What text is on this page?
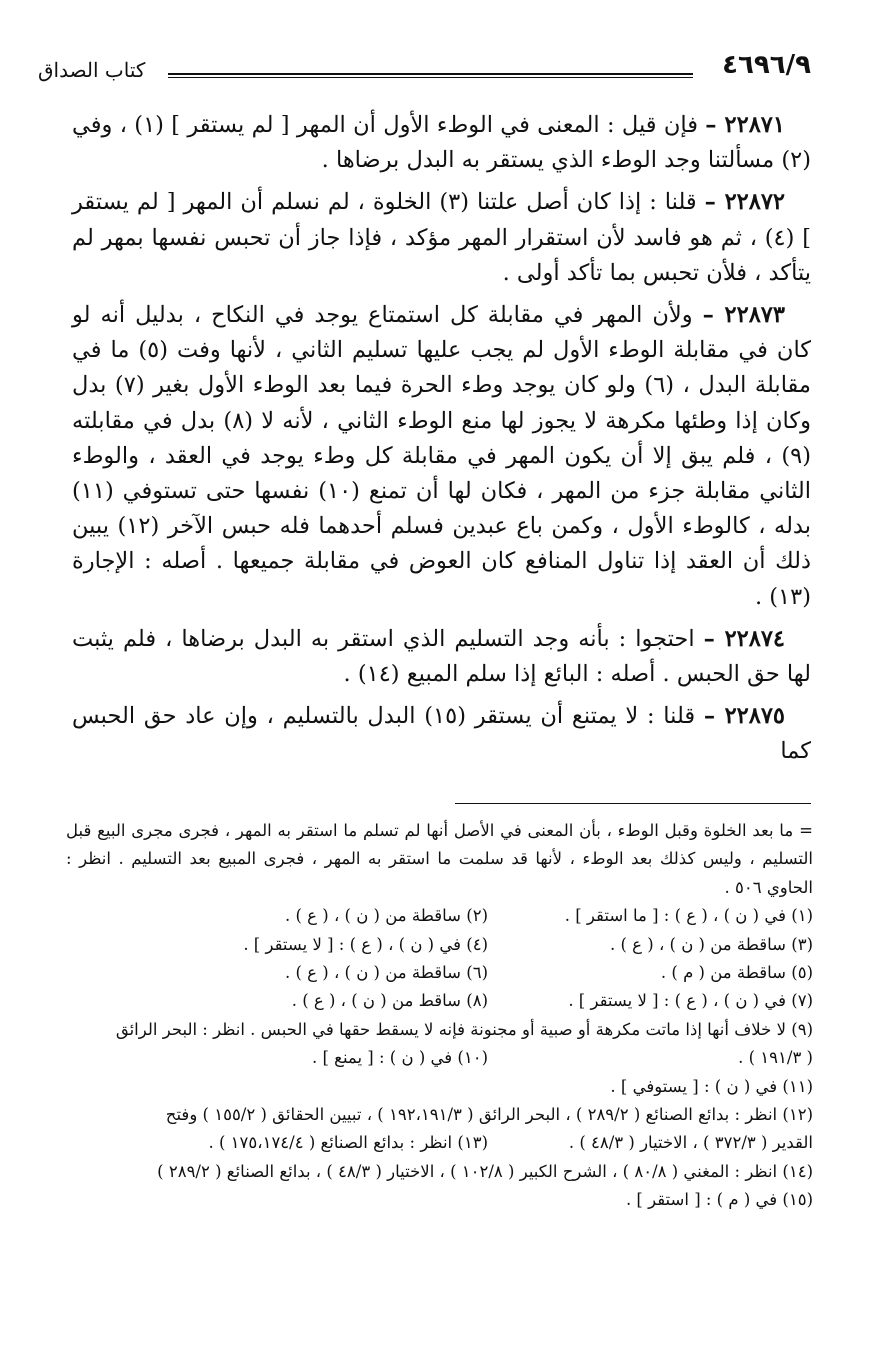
٤٦٩٦/٩
كتاب الصداق

٢٢٨٧١ – فإن قيل : المعنى في الوطء الأول أن المهر [ لم يستقر ] (١) ، وفي (٢) مسألتنا وجد الوطء الذي يستقر به البدل برضاها .

٢٢٨٧٢ – قلنا : إذا كان أصل علتنا (٣) الخلوة ، لم نسلم أن المهر [ لم يستقر ] (٤) ، ثم هو فاسد لأن استقرار المهر مؤكد ، فإذا جاز أن تحبس نفسها بمهر لم يتأكد ، فلأن تحبس بما تأكد أولى .

٢٢٨٧٣ – ولأن المهر في مقابلة كل استمتاع يوجد في النكاح ، بدليل أنه لو كان في مقابلة الوطء الأول لم يجب عليها تسليم الثاني ، لأنها وفت (٥) ما في مقابلة البدل ، (٦) ولو كان يوجد وطء الحرة فيما بعد الوطء الأول بغير (٧) بدل وكان إذا وطئها مكرهة لا يجوز لها منع الوطء الثاني ، لأنه لا (٨) بدل في مقابلته (٩) ، فلم يبق إلا أن يكون المهر في مقابلة كل وطء يوجد في العقد ، والوطء الثاني مقابلة جزء من المهر ، فكان لها أن تمنع (١٠) نفسها حتى تستوفي (١١) بدله ، كالوطء الأول ، وكمن باع عبدين فسلم أحدهما فله حبس الآخر (١٢) يبين ذلك أن العقد إذا تناول المنافع كان العوض في مقابلة جميعها . أصله : الإجارة (١٣) .

٢٢٨٧٤ – احتجوا : بأنه وجد التسليم الذي استقر به البدل برضاها ، فلم يثبت لها حق الحبس . أصله : البائع إذا سلم المبيع (١٤) .

٢٢٨٧٥ – قلنا : لا يمتنع أن يستقر (١٥) البدل بالتسليم ، وإن عاد حق الحبس كما

=ما بعد الخلوة وقبل الوطء ، بأن المعنى في الأصل أنها لم تسلم ما استقر به المهر ، فجرى مجرى البيع قبل التسليم ، وليس كذلك بعد الوطء ، لأنها قد سلمت ما استقر به المهر ، فجرى المبيع بعد التسليم . انظر : الحاوي ٥٠٦ .

(١) في ( ن ) ، ( ع ) : [ ما استقر ] .
(٢) ساقطة من ( ن ) ، ( ع ) .
(٣) ساقطة من ( ن ) ، ( ع ) .
(٤) في ( ن ) ، ( ع ) : [ لا يستقر ] .
(٥) ساقطة من ( م ) .
(٦) ساقطة من ( ن ) ، ( ع ) .
(٧) في ( ن ) ، ( ع ) : [ لا يستقر ] .
(٨) ساقط من ( ن ) ، ( ع ) .

(٩) لا خلاف أنها إذا ماتت مكرهة أو صبية أو مجنونة فإنه لا يسقط حقها في الحبس . انظر : البحر الرائق

( ١٩١/٣ ) .
(١٠) في ( ن ) : [ يمنع ] .

(١١) في ( ن ) : [ يستوفي ] .

(١٢) انظر : بدائع الصنائع ( ٢٨٩/٢ ) ، البحر الرائق ( ١٩٢،١٩١/٣ ) ، تبيين الحقائق ( ١٥٥/٢ ) وفتح

القدير ( ٣٧٢/٣ ) ، الاختيار ( ٤٨/٣ ) .
(١٣) انظر : بدائع الصنائع ( ١٧٥،١٧٤/٤ ) .

(١٤) انظر : المغني ( ٨٠/٨ ) ، الشرح الكبير ( ١٠٢/٨ ) ، الاختيار ( ٤٨/٣ ) ، بدائع الصنائع ( ٢٨٩/٢ )

(١٥) في ( م ) : [ استقر ] .
